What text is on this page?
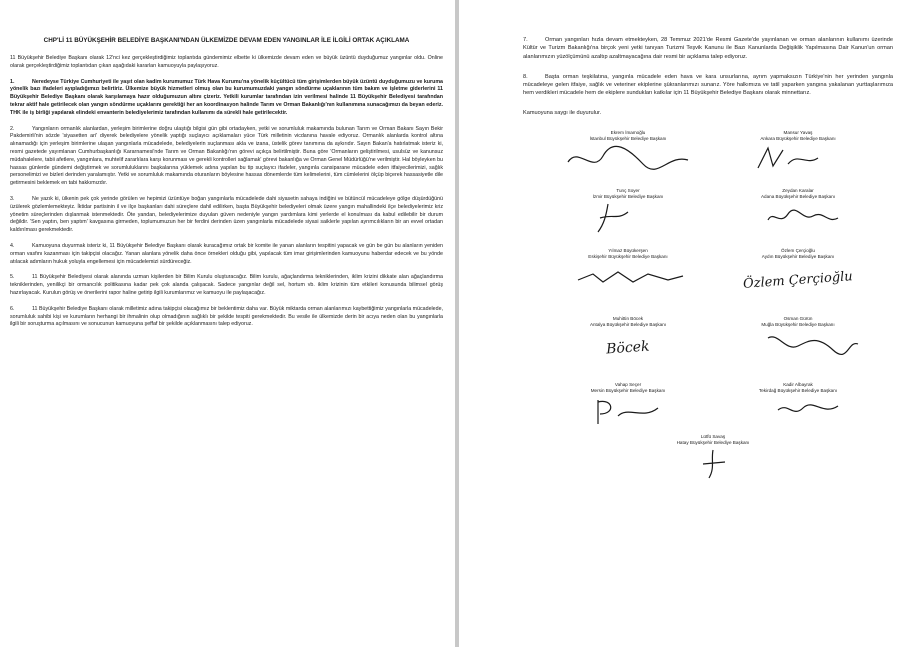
CHP'Lİ 11 BÜYÜKŞEHİR BELEDİYE BAŞKANI'NDAN ÜLKEMİZDE DEVAM EDEN YANGINLAR İLE İLGİLİ ORTAK AÇIKLAMA

11 Büyükşehir Belediye Başkanı olarak 12'nci kez gerçekleştirdiğimiz toplantıda gündemimiz elbette ki ülkemizde devam eden ve büyük üzüntü duyduğumuz yangınlar oldu. Online olarak gerçekleştirdiğimiz toplantıdan çıkan aşağıdaki kararları kamuoyuyla paylaşıyoruz.

1.	Neredeyse Türkiye Cumhuriyeti ile yaşıt olan kadim kurumumuz Türk Hava Kurumu'na yönelik küçültücü tüm girişimlerden büyük üzüntü duyduğumuzu ve kuruma yönelik bazı ifadeleri ayıpladığımızı belirtiriz. Ülkemize büyük hizmetleri olmuş olan bu kurumumuzdaki yangın söndürme uçaklarının tüm bakım ve işletme giderlerini 11 Büyükşehir Belediye Başkanı olarak karşılamaya hazır olduğumuzun altını çizeriz. Yetkili kurumlar tarafından izin verilmesi halinde 11 Büyükşehir Belediyesi tarafından tekrar aktif hale getirilecek olan yangın söndürme uçaklarını gerektiği her an koordinasyon halinde Tarım ve Orman Bakanlığı'nın kullanımına sunacağımızı da beyan ederiz. THK ile iş birliği yapılarak elindeki envanterin belediyelerimiz tarafından kullanımı da sürekli hale getirilecektir.

2.	Yangınların ormanlık alanlardan, yerleşim birimlerine doğru ulaştığı bilgisi gün gibi ortadayken, yetki ve sorumluluk makamında bulunan Tarım ve Orman Bakanı Sayın Bekir Pakdemirli'nin sözde 'siyasetten ari' diyerek belediyelere yönelik yaptığı suçlayıcı açıklamaları yüce Türk milletinin vicdanına havale ediyoruz. Ormanlık alanlarda kontrol altına alınamadığı için yerleşim birimlerine ulaşan yangınlarla mücadelede, belediyelerin suçlanması akla ve izana, üstelik görev tanımına da aykırıdır. Sayın Bakan'a hatırlatmak isteriz ki, resmi gazetede yayımlanan Cumhurbaşkanlığı Kararnamesi'nde Tarım ve Orman Bakanlığı'nın görevi açıkça belirtilmiştir. Buna göre 'Ormanların geliştirilmesi, usulsüz ve kanunsuz müdahalelere, tabii afetlere, yangınlara, muhtelif zararlılara karşı korunması ve gerekli kontrolleri sağlamak' görevi bakanlığa ve Orman Genel Müdürlüğü'ne verilmiştir. Hal böyleyken bu hassas günlerde gündemi değiştirmek ve sorumluluklarını başkalarına yüklemek adına yapılan bu tip suçlayıcı ifadeler, yangınla cansiparane mücadele eden itfaiyecilerimizi, sağlık personelimizi ve bizleri derinden yaralamıştır. Yetki ve sorumluluk makamında oturanların böylesine hassas dönemlerde tüm kelimelerini, tüm cümlelerini ölçüp biçerek hassasiyetle dile getirmesini beklemek en tabi hakkımızdır.

3.	Ne yazık ki, ülkenin pek çok yerinde görülen ve hepimizi üzüntüye boğan yangınlarla mücadelede dahi siyasetin sahaya indiğini ve bütüncül mücadeleye gölge düşürdüğünü üzülerek gözlemlemekteyiz. İktidar partisinin il ve ilçe başkanları dahi süreçlere dahil edilirken, başta Büyükşehir belediyeleri olmak üzere yangın mahallindeki ilçe belediyelerimiz kriz yönetim süreçlerinden dışlanmak istenmektedir. Öte yandan, belediyelerimize duyulan güven nedeniyle yangın yardımlara kimi yerlerde el konulması da kabul edilebilir bir durum değildir. 'Sen yaptın, ben yaptım' kavgasına girmeden, toplumumuzun her bir ferdini derinden üzen yangınlarla mücadelede siyasi saiklerle yapılan ayrımcılıkların bir an evvel ortadan kaldırılması gerekmektedir.

4.	Kamuoyuna duyurmak isteriz ki, 11 Büyükşehir Belediye Başkanı olarak kuracağımız ortak bir komite ile yanan alanların tespitini yapacak ve gün be gün bu alanların yeniden orman vasfını kazanması için takipçisi olacağız. Yanan alanlara yönelik daha önce örnekleri olduğu gibi, yapılacak tüm imar girişimlerinden kamuoyunu haberdar edecek ve bu yönde atılacak adımların hukuk yoluyla engellemesi için mücadelemizi sürdüreceğiz.

5.	11 Büyükşehir Belediyesi olarak alanında uzman kişilerden bir Bilim Kurulu oluşturacağız. Bilim kurulu, ağaçlandırma tekniklerinden, iklim krizini dikkate alan ağaçlandırma tekniklerinden, yenilikçi bir ormancılık politikasına kadar pek çok alanda çalışacak. Sadece yangınlar değil sel, hortum vb. iklim krizinin tüm etkileri konusunda bilimsel görüş hazırlayacak. Kurulun görüş ve önerilerini rapor haline getirip ilgili kurumlarımız ve kamuoyu ile paylaşacağız.

6.	11 Büyükşehir Belediye Başkanı olarak milletimiz adına takipçisi olacağımız bir beklentimiz daha var. Büyük miktarda orman alanlarımızı kaybettiğimiz yangınlarla mücadelede, sorumluluk sahibi kişi ve kurumların herhangi bir ihmalinin olup olmadığının sağlıklı bir şekilde tespiti gerekmektedir. Bu vesile ile ülkemizde derin bir acıya neden olan bu yangınlarla ilgili bir soruşturma açılmasını ve sonucunun kamuoyuna şeffaf bir şekilde açıklanmasını talep ediyoruz.

7.	Orman yangınları hızla devam etmekteyken, 28 Temmuz 2021'de Resmi Gazete'de yayınlanan ve orman alanlarının kullanımı üzerinde Kültür ve Turizm Bakanlığı'na birçok yeni yetki tanıyan Turizmi Teşvik Kanunu ile Bazı Kanunlarda Değişiklik Yapılmasına Dair Kanun'un orman alanlarımızın yüzölçümünü azaltıp azaltmayacağına dair resmi bir açıklama talep ediyoruz.

8.	Başta orman teşkilatına, yangınla mücadele eden hava ve kara unsurlarına, ayrım yapmaksızın Türkiye'nin her yerinden yangınla mücadeleye gelen itfaiye, sağlık ve veteriner ekiplerine şükranlarımızı sunarız. Yöre halkımıza ve tatil yaparken yangına yakalanan yurttaşlarımıza hem verdikleri mücadele hem de ekiplere sundukları katkılar için 11 Büyükşehir Belediye Başkanı olarak minnettarız.

Kamuoyuna saygı ile duyurulur.

Ekrem İmamoğlu
İstanbul Büyükşehir Belediye Başkanı
Mansur Yavaş
Ankara Büyükşehir Belediye Başkanı
Tunç Soyer
İzmir Büyükşehir Belediye Başkanı
Zeydan Karalar
Adana Büyükşehir Belediye Başkanı
Yılmaz Büyükerşen
Eskişehir Büyükşehir Belediye Başkanı
Özlem Çerçioğlu
Aydın Büyükşehir Belediye Başkanı
Özlem Çerçioğlu
Muhittin Böcek
Antalya Büyükşehir Belediye Başkanı
Böcek
Osman Gürün
Muğla Büyükşehir Belediye Başkanı
Vahap Seçer
Mersin Büyükşehir Belediye Başkanı
Kadir Albayrak
Tekirdağ Büyükşehir Belediye Başkanı
Lütfü Savaş
Hatay Büyükşehir Belediye Başkanı
